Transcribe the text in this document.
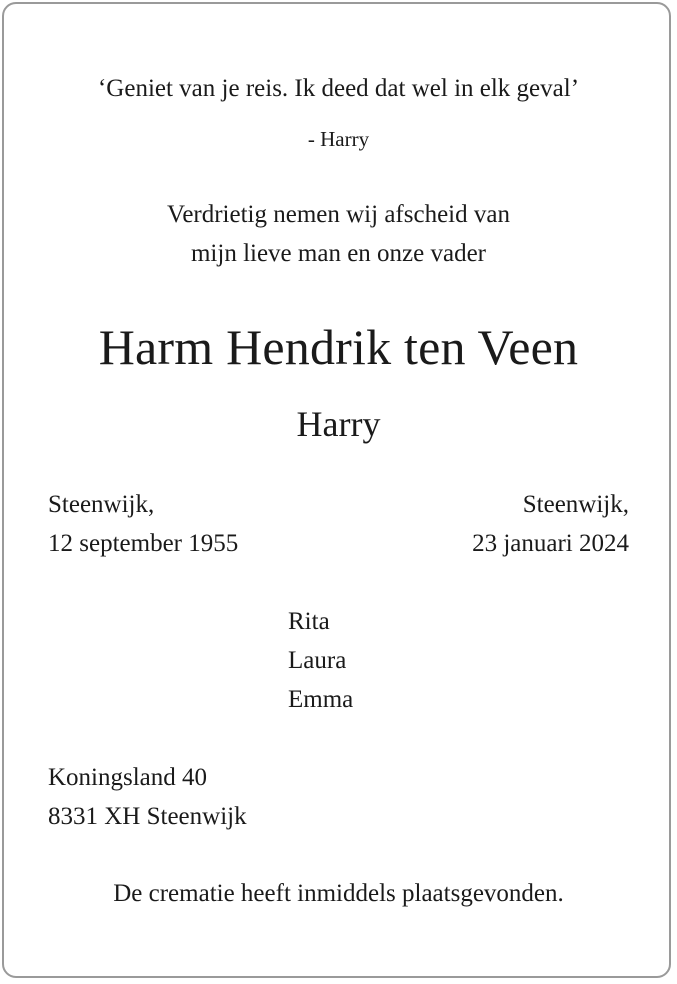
‘Geniet van je reis. Ik deed dat wel in elk geval’
- Harry
Verdrietig nemen wij afscheid van
mijn lieve man en onze vader
Harm Hendrik ten Veen
Harry
Steenwijk,
12 september 1955
Steenwijk,
23 januari 2024
Rita
Laura
Emma
Koningsland 40
8331 XH Steenwijk
De crematie heeft inmiddels plaatsgevonden.
